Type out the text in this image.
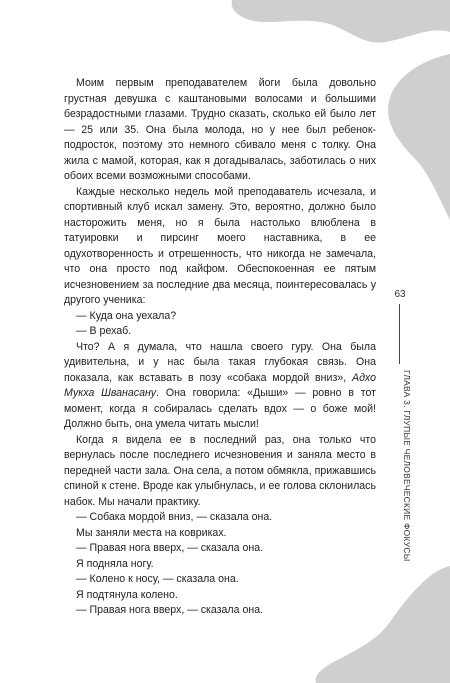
Моим первым преподавателем йоги была довольно грустная девушка с каштановыми волосами и большими безрадостными глазами. Трудно сказать, сколько ей было лет — 25 или 35. Она была молода, но у нее был ребенок-подросток, поэтому это немного сбивало меня с толку. Она жила с мамой, которая, как я догадывалась, заботилась о них обоих всеми возможными способами.

Каждые несколько недель мой преподаватель исчезала, и спортивный клуб искал замену. Это, вероятно, должно было насторожить меня, но я была настолько влюблена в татуировки и пирсинг моего наставника, в ее одухотворенность и отрешенность, что никогда не замечала, что она просто под кайфом. Обеспокоенная ее пятым исчезновением за последние два месяца, поинтересовалась у другого ученика:

— Куда она уехала?

— В рехаб.

Что? А я думала, что нашла своего гуру. Она была удивительна, и у нас была такая глубокая связь. Она показала, как вставать в позу «собака мордой вниз», Адхо Мукха Шванасану. Она говорила: «Дыши» — ровно в тот момент, когда я собиралась сделать вдох — о боже мой! Должно быть, она умела читать мысли!

Когда я видела ее в последний раз, она только что вернулась после последнего исчезновения и заняла место в передней части зала. Она села, а потом обмякла, прижавшись спиной к стене. Вроде как улыбнулась, и ее голова склонилась набок. Мы начали практику.

— Собака мордой вниз, — сказала она.

Мы заняли места на ковриках.

— Правая нога вверх, — сказала она.

Я подняла ногу.

— Колено к носу, — сказала она.

Я подтянула колено.

— Правая нога вверх, — сказала она.

63
ГЛАВА 3. ГЛУПЫЕ ЧЕЛОВЕЧЕСКИЕ ФОКУСЫ
